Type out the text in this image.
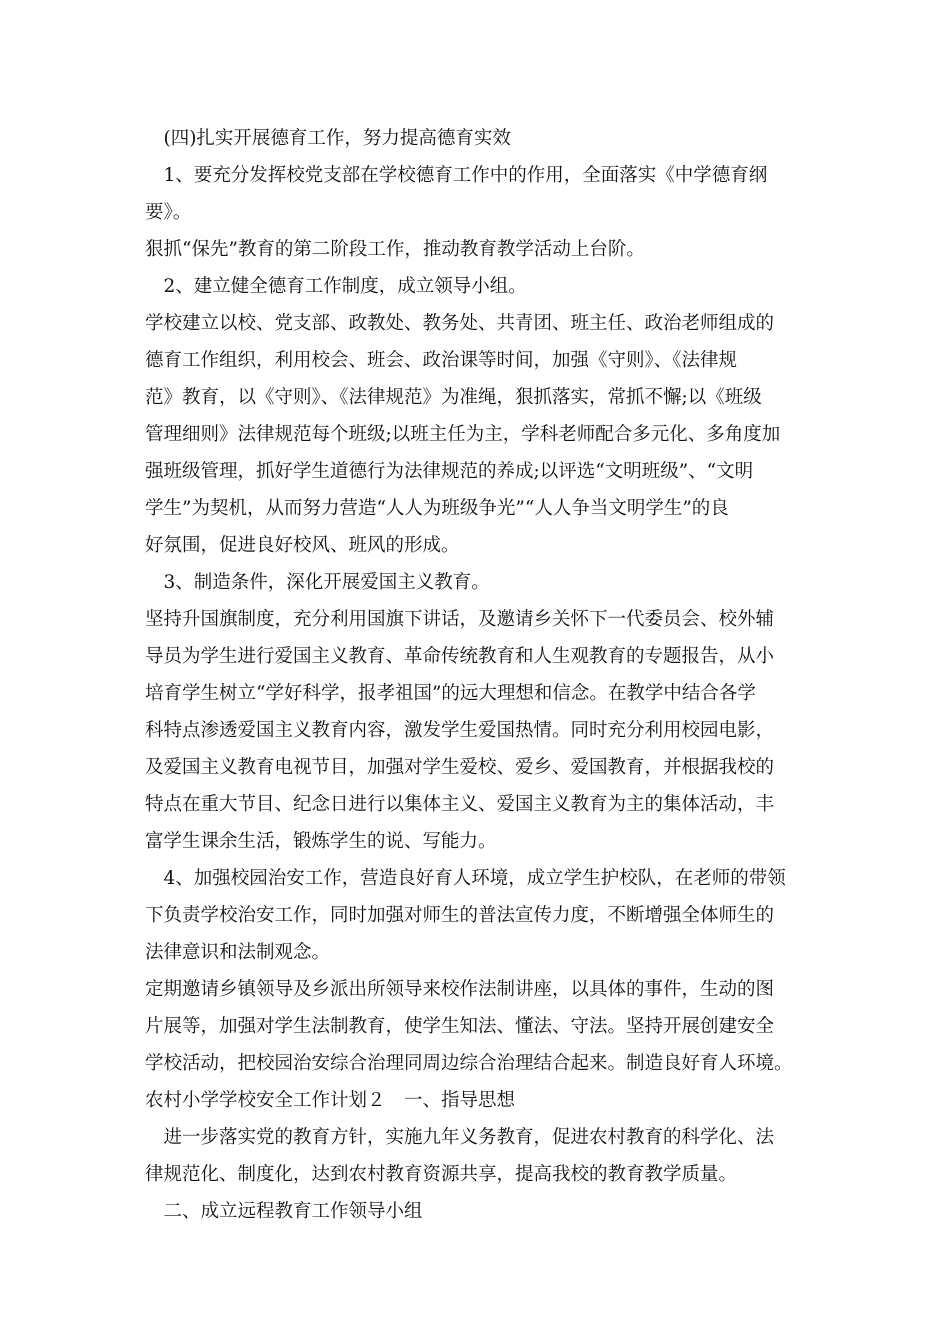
　(四)扎实开展德育工作，努力提高德育实效
　1、要充分发挥校党支部在学校德育工作中的作用，全面落实《中学德育纲
要》。
狠抓“保先”教育的第二阶段工作，推动教育教学活动上台阶。
　2、建立健全德育工作制度，成立领导小组。
学校建立以校、党支部、政教处、教务处、共青团、班主任、政治老师组成的
德育工作组织，利用校会、班会、政治课等时间，加强《守则》、《法律规
范》教育，以《守则》、《法律规范》为准绳，狠抓落实，常抓不懈;以《班级
管理细则》法律规范每个班级;以班主任为主，学科老师配合多元化、多角度加
强班级管理，抓好学生道德行为法律规范的养成;以评选“文明班级”、“文明
学生”为契机，从而努力营造“人人为班级争光”“人人争当文明学生”的良
好氛围，促进良好校风、班风的形成。
　3、制造条件，深化开展爱国主义教育。
坚持升国旗制度，充分利用国旗下讲话，及邀请乡关怀下一代委员会、校外辅
导员为学生进行爱国主义教育、革命传统教育和人生观教育的专题报告，从小
培育学生树立“学好科学，报孝祖国”的远大理想和信念。在教学中结合各学
科特点渗透爱国主义教育内容，激发学生爱国热情。同时充分利用校园电影，
及爱国主义教育电视节目，加强对学生爱校、爱乡、爱国教育，并根据我校的
特点在重大节目、纪念日进行以集体主义、爱国主义教育为主的集体活动，丰
富学生课余生活，锻炼学生的说、写能力。
　4、加强校园治安工作，营造良好育人环境，成立学生护校队，在老师的带领
下负责学校治安工作，同时加强对师生的普法宣传力度，不断增强全体师生的
法律意识和法制观念。
定期邀请乡镇领导及乡派出所领导来校作法制讲座，以具体的事件，生动的图
片展等，加强对学生法制教育，使学生知法、懂法、守法。坚持开展创建安全
学校活动，把校园治安综合治理同周边综合治理结合起来。制造良好育人环境。
农村小学学校安全工作计划２　一、指导思想
　进一步落实党的教育方针，实施九年义务教育，促进农村教育的科学化、法
律规范化、制度化，达到农村教育资源共享，提高我校的教育教学质量。
　二、成立远程教育工作领导小组
